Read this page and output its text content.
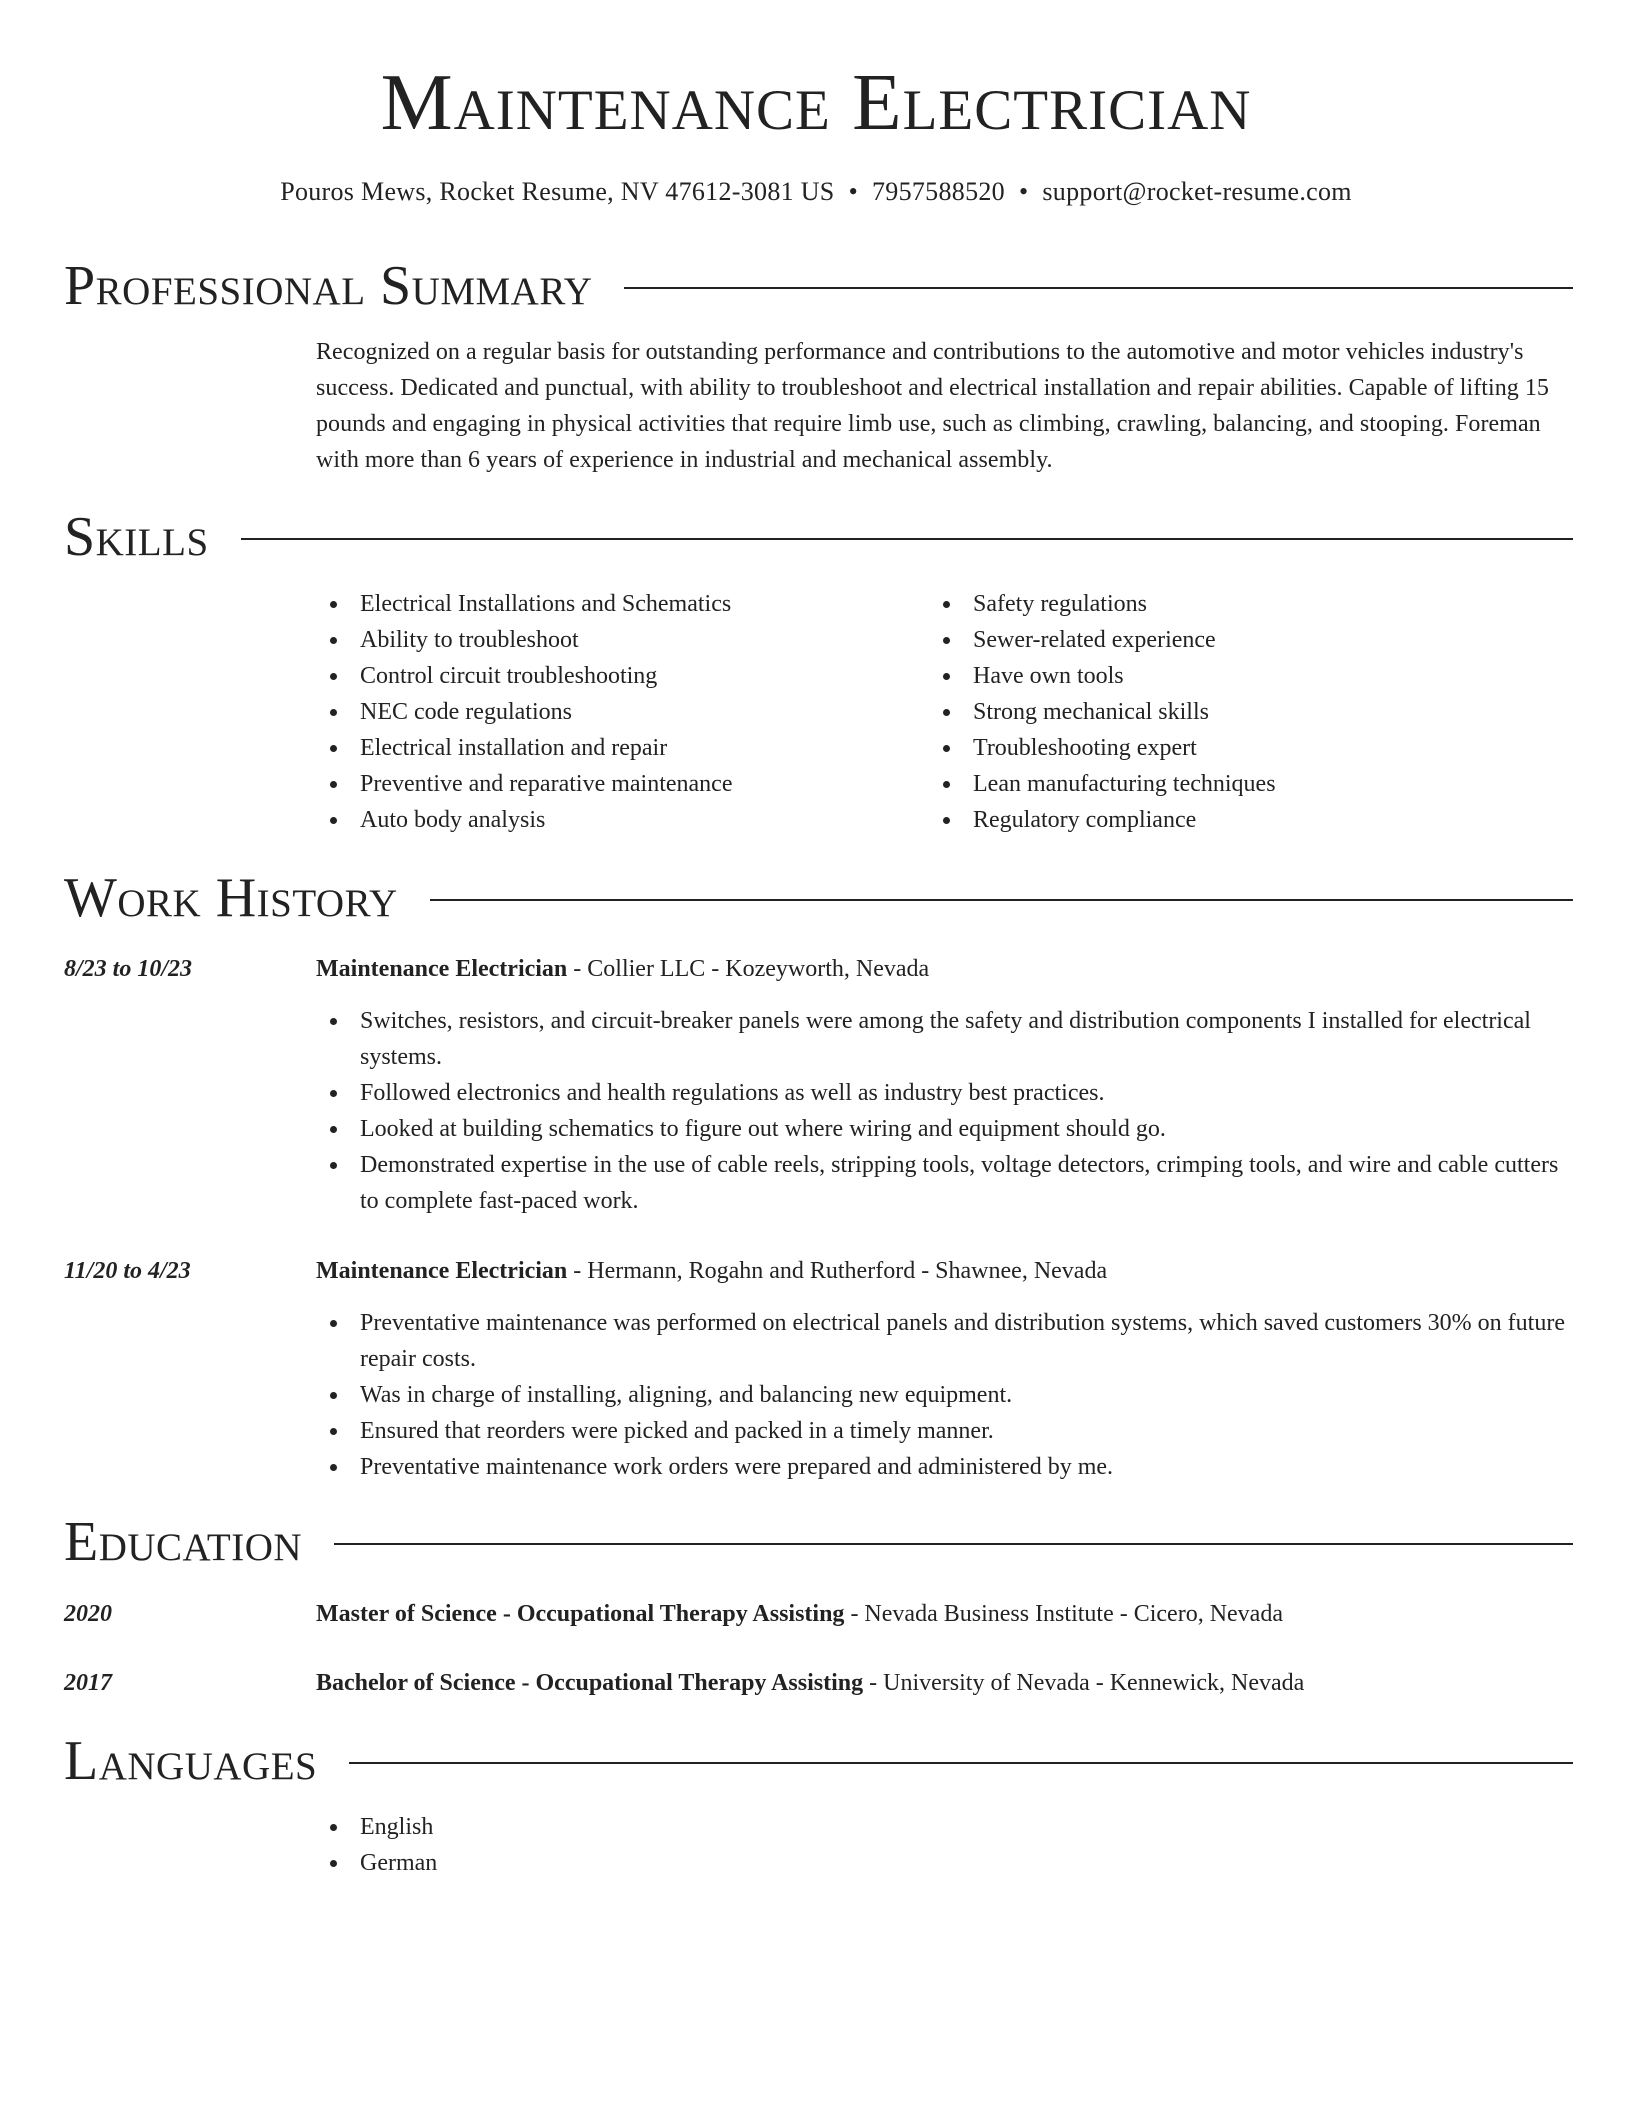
Maintenance Electrician
Pouros Mews, Rocket Resume, NV 47612-3081 US • 7957588520 • support@rocket-resume.com
Professional Summary

Recognized on a regular basis for outstanding performance and contributions to the automotive and motor vehicles industry's success. Dedicated and punctual, with ability to troubleshoot and electrical installation and repair abilities. Capable of lifting 15 pounds and engaging in physical activities that require limb use, such as climbing, crawling, balancing, and stooping. Foreman with more than 6 years of experience in industrial and mechanical assembly.

Skills
Electrical Installations and Schematics
Ability to troubleshoot
Control circuit troubleshooting
NEC code regulations
Electrical installation and repair
Preventive and reparative maintenance
Auto body analysis
Safety regulations
Sewer-related experience
Have own tools
Strong mechanical skills
Troubleshooting expert
Lean manufacturing techniques
Regulatory compliance
Work History
8/23 to 10/23	Maintenance Electrician - Collier LLC - Kozeyworth, Nevada
Switches, resistors, and circuit-breaker panels were among the safety and distribution components I installed for electrical systems.
Followed electronics and health regulations as well as industry best practices.
Looked at building schematics to figure out where wiring and equipment should go.
Demonstrated expertise in the use of cable reels, stripping tools, voltage detectors, crimping tools, and wire and cable cutters to complete fast-paced work.
11/20 to 4/23	Maintenance Electrician - Hermann, Rogahn and Rutherford - Shawnee, Nevada
Preventative maintenance was performed on electrical panels and distribution systems, which saved customers 30% on future repair costs.
Was in charge of installing, aligning, and balancing new equipment.
Ensured that reorders were picked and packed in a timely manner.
Preventative maintenance work orders were prepared and administered by me.
Education
2020	Master of Science - Occupational Therapy Assisting - Nevada Business Institute - Cicero, Nevada
2017	Bachelor of Science - Occupational Therapy Assisting - University of Nevada - Kennewick, Nevada
Languages
English
German
